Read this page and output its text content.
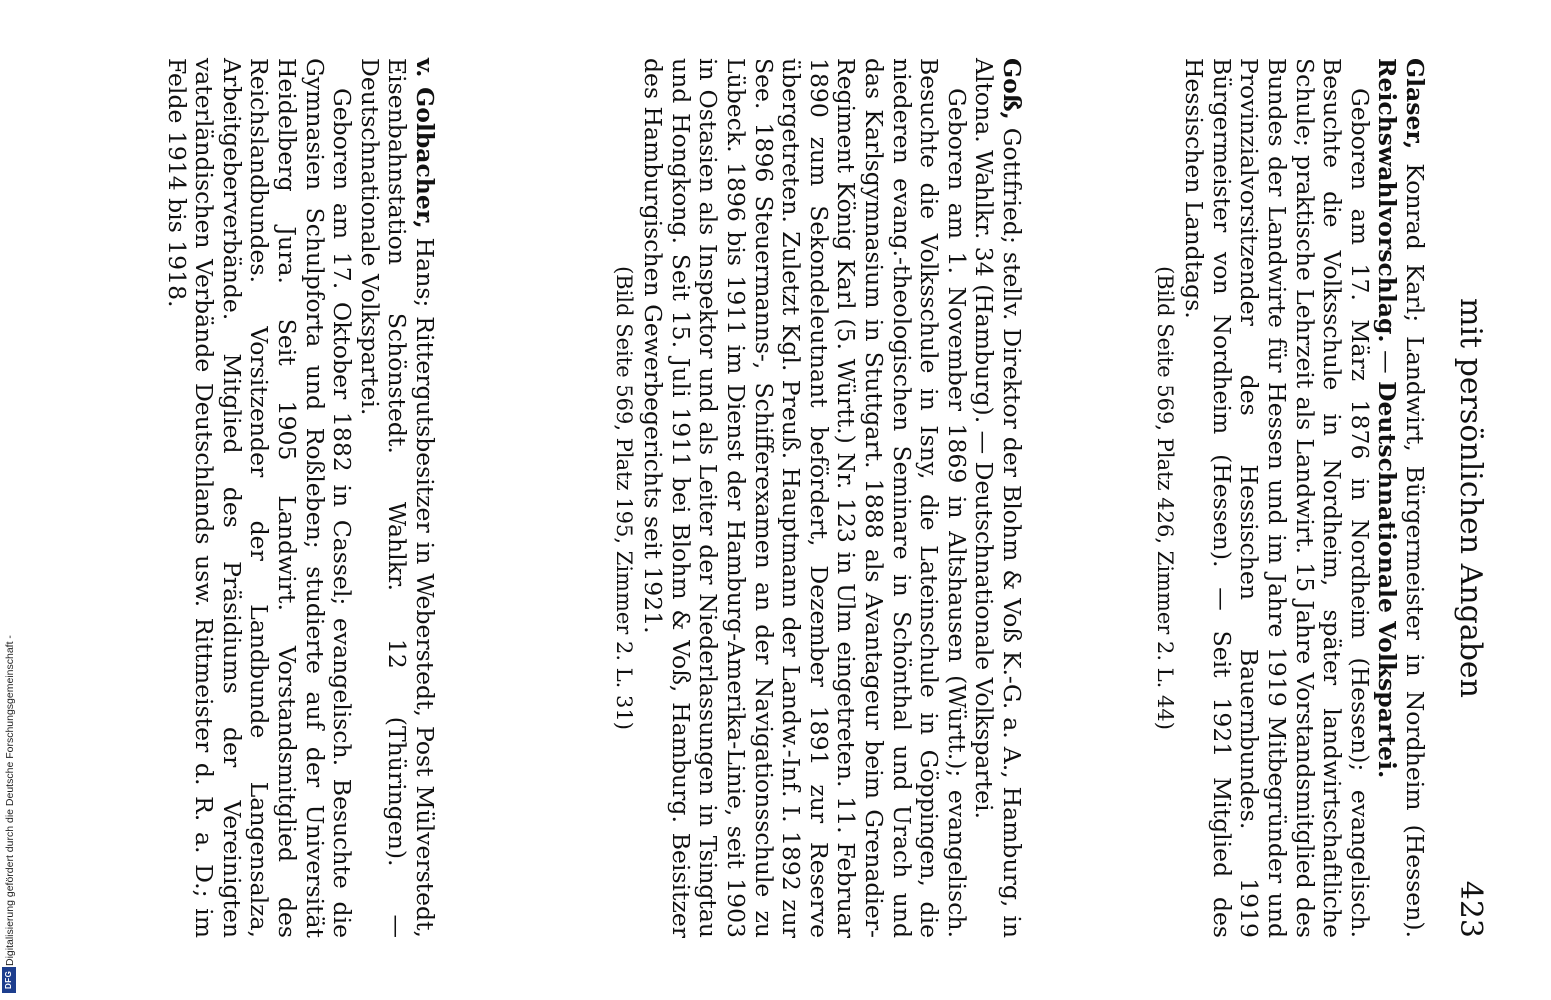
mit persönlichen Angaben
423

Glaser, Konrad Karl; Landwirt, Bürgermeister in Nordheim (Hessen). Reichswahlvorschlag. — Deutschnationale Volkspartei.

Geboren am 17. März 1876 in Nordheim (Hessen); evangelisch. Besuchte die Volksschule in Nordheim, später landwirtschaftliche Schule; praktische Lehrzeit als Landwirt. 15 Jahre Vorstandsmitglied des Bundes der Landwirte für Hessen und im Jahre 1919 Mitbegründer und Provinzialvorsitzender des Hessischen Bauernbundes. 1919 Bürgermeister von Nordheim (Hessen). — Seit 1921 Mitglied des Hessischen Landtags.

(Bild Seite 569, Platz 426, Zimmer 2. L. 44)

Goß, Gottfried; stellv. Direktor der Blohm & Voß K.-G. a. A., Hamburg, in Altona. Wahlkr. 34 (Hamburg). — Deutschnationale Volkspartei.

Geboren am 1. November 1869 in Altshausen (Württ.); evangelisch. Besuchte die Volksschule in Isny, die Lateinschule in Göppingen, die niederen evang.-theologischen Seminare in Schönthal und Urach und das Karlsgymnasium in Stuttgart. 1888 als Avantageur beim Grenadier-Regiment König Karl (5. Württ.) Nr. 123 in Ulm eingetreten. 11. Februar 1890 zum Sekondeleutnant befördert, Dezember 1891 zur Reserve übergetreten. Zuletzt Kgl. Preuß. Hauptmann der Landw.-Inf. I. 1892 zur See. 1896 Steuermanns-, Schifferexamen an der Navigationsschule zu Lübeck. 1896 bis 1911 im Dienst der Hamburg-Amerika-Linie, seit 1903 in Ostasien als Inspektor und als Leiter der Niederlassungen in Tsingtau und Hongkong. Seit 15. Juli 1911 bei Blohm & Voß, Hamburg. Beisitzer des Hamburgischen Gewerbegerichts seit 1921.

(Bild Seite 569, Platz 195, Zimmer 2. L. 31)

v. Golbacher, Hans; Rittergutsbesitzer in Weberstedt, Post Mülverstedt, Eisenbahnstation Schönstedt. Wahlkr. 12 (Thüringen). — Deutschnationale Volkspartei.

Geboren am 17. Oktober 1882 in Cassel; evangelisch. Besuchte die Gymnasien Schulpforta und Roßleben; studierte auf der Universität Heidelberg Jura. Seit 1905 Landwirt. Vorstandsmitglied des Reichslandbundes. Vorsitzender der Landbunde Langensalza, Arbeitgeberverbände. Mitglied des Präsidiums der Vereinigten vaterländischen Verbände Deutschlands usw. Rittmeister d. R. a. D.; im Felde 1914 bis 1918.

Digitalisierung gefördert durch die Deutsche Forschungsgemeinschaft -
DFG
